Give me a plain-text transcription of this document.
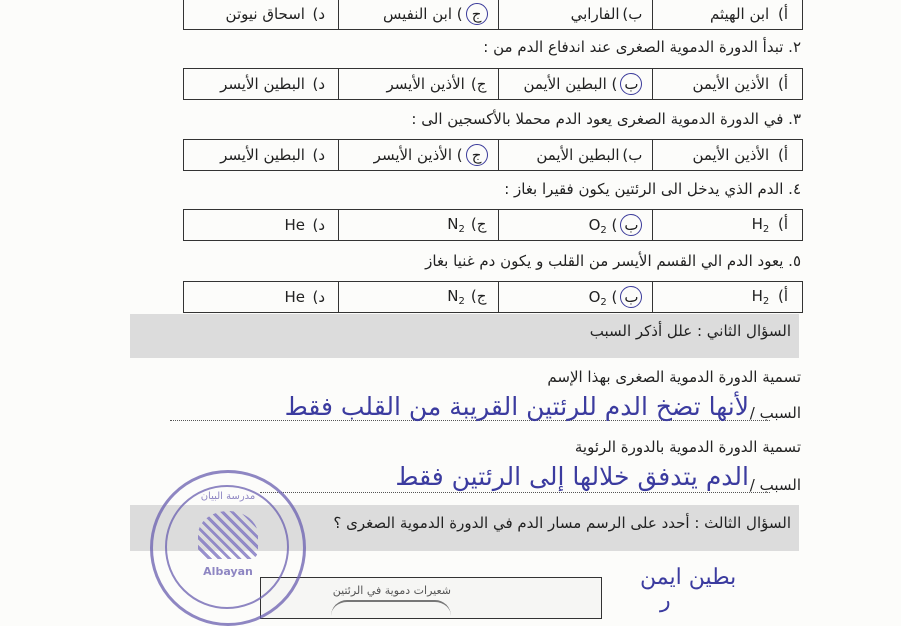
أ) ابن الهيثم	ب) الفارابي	ج) ابن النفيس	د) اسحاق نيوتن
٢. تبدأ الدورة الدموية الصغرى عند اندفاع الدم من :
أ) الأذين الأيمن	ب) البطين الأيمن	ج) الأذين الأيسر	د) البطين الأيسر
٣. في الدورة الدموية الصغرى يعود الدم محملا بالأكسجين الى :
أ) الأذين الأيمن	ب) البطين الأيمن	ج) الأذين الأيسر	د) البطين الأيسر
٤. الدم الذي يدخل الى الرئتين يكون فقيرا بغاز :
أ) $H_2$	ب) $O_2$	ج) $N_2$	د) He
٥. يعود الدم الي القسم الأيسر من القلب و يكون دم غنيا بغاز
أ) $H_2$	ب) $O_2$	ج) $N_2$	د) He
السؤال الثاني : علل أذكر السبب
تسمية الدورة الدموية الصغرى بهذا الإسم
السبب /
لأنها تضخ الدم للرئتين القريبة من القلب فقط
تسمية الدورة الدموية بالدورة الرئوية
السبب /
الدم يتدفق خلالها إلى الرئتين فقط
السؤال الثالث : أحدد على الرسم مسار الدم في الدورة الدموية الصغرى ؟
شعيرات دموية في الرئتين
بطين ايمن
ر
مدرسة البيان
Albayan
